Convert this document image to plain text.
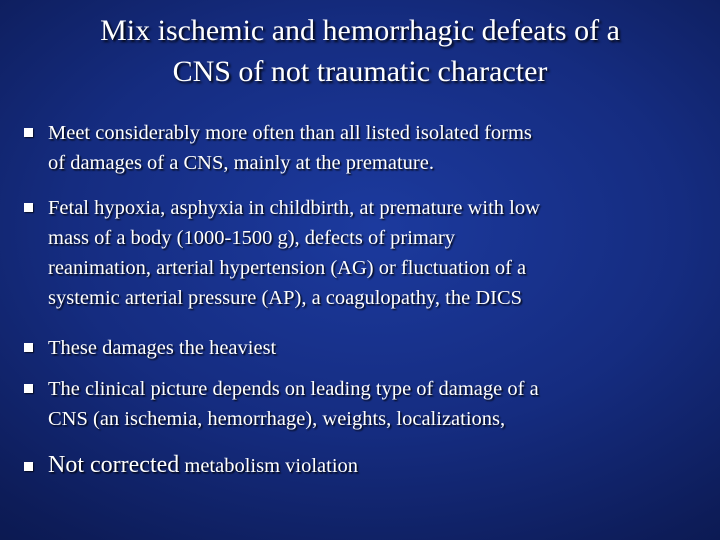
Mix ischemic and hemorrhagic defeats of a
CNS of not traumatic character
Meet considerably more often than all listed isolated forms
of damages of a CNS, mainly at the premature.
Fetal hypoxia, asphyxia in childbirth, at premature with low
mass of a body (1000-1500 g), defects of primary
reanimation, arterial hypertension (AG) or fluctuation of a
systemic arterial pressure (AP), a coagulopathy, the DICS
These damages the heaviest
The clinical picture depends on leading type of damage of a
CNS (an ischemia, hemorrhage), weights, localizations,
Not corrected metabolism violation
